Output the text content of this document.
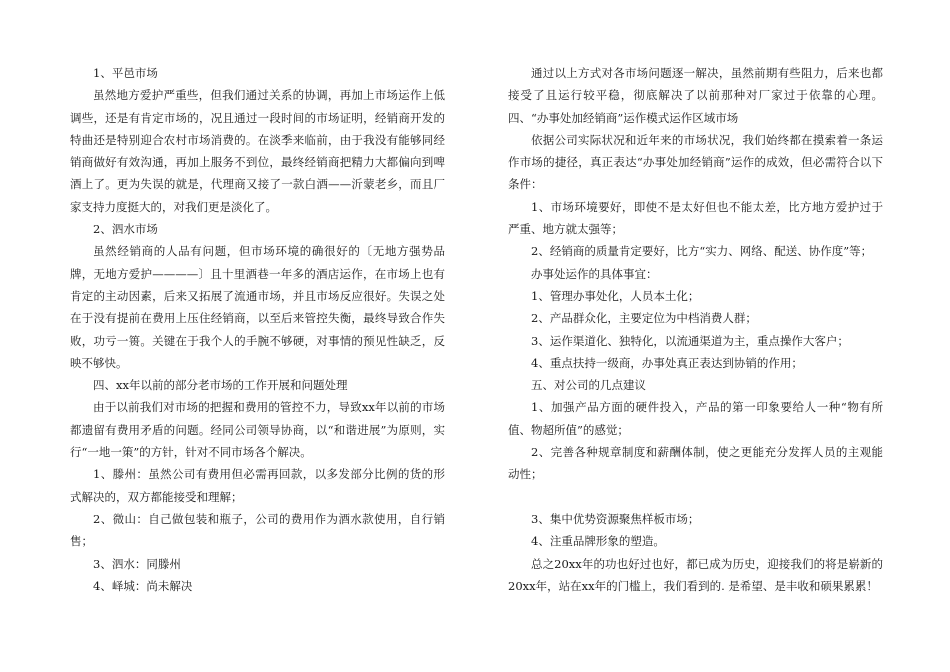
1、平邑市场

虽然地方爱护严重些，但我们通过关系的协调，再加上市场运作上低调些，还是有肯定市场的，况且通过一段时间的市场证明，经销商开发的特曲还是特别迎合农村市场消费的。在淡季来临前，由于我没有能够同经销商做好有效沟通，再加上服务不到位，最终经销商把精力大都偏向到啤酒上了。更为失误的就是，代理商又接了一款白酒——沂蒙老乡，而且厂家支持力度挺大的，对我们更是淡化了。

2、泗水市场

虽然经销商的人品有问题，但市场环境的确很好的〔无地方强势品牌，无地方爱护————〕且十里酒巷一年多的酒店运作，在市场上也有肯定的主动因素，后来又拓展了流通市场，并且市场反应很好。失误之处在于没有提前在费用上压住经销商，以至后来管控失衡，最终导致合作失败，功亏一篑。关键在于我个人的手腕不够硬，对事情的预见性缺乏，反映不够快。

四、xx年以前的部分老市场的工作开展和问题处理

由于以前我们对市场的把握和费用的管控不力，导致xx年以前的市场都遗留有费用矛盾的问题。经同公司领导协商，以“和谐进展”为原则，实行“一地一策”的方针，针对不同市场各个解决。

1、滕州：虽然公司有费用但必需再回款，以多发部分比例的货的形式解决的，双方都能接受和理解；

2、微山：自己做包装和瓶子，公司的费用作为酒水款使用，自行销售；

3、泗水：同滕州

4、峄城：尚未解决

通过以上方式对各市场问题逐一解决，虽然前期有些阻力，后来也都接受了且运行较平稳，彻底解决了以前那种对厂家过于依靠的心理。四、“办事处加经销商”运作模式运作区域市场

依据公司实际状况和近年来的市场状况，我们始终都在摸索着一条运作市场的捷径，真正表达“办事处加经销商”运作的成效，但必需符合以下条件：

1、市场环境要好，即使不是太好但也不能太差，比方地方爱护过于严重、地方就太强等；

2、经销商的质量肯定要好，比方“实力、网络、配送、协作度”等；

办事处运作的具体事宜：

1、管理办事处化，人员本土化；

2、产品群众化，主要定位为中档消费人群；

3、运作渠道化、独特化，以流通渠道为主，重点操作大客户；

4、重点扶持一级商，办事处真正表达到协销的作用；

五、对公司的几点建议

1、加强产品方面的硬件投入，产品的第一印象要给人一种“物有所值、物超所值”的感觉；

2、完善各种规章制度和薪酬体制，使之更能充分发挥人员的主观能动性；

3、集中优势资源聚焦样板市场；

4、注重品牌形象的塑造。

总之20xx年的功也好过也好，都已成为历史，迎接我们的将是崭新的20xx年，站在xx年的门槛上，我们看到的. 是希望、是丰收和硕果累累！
